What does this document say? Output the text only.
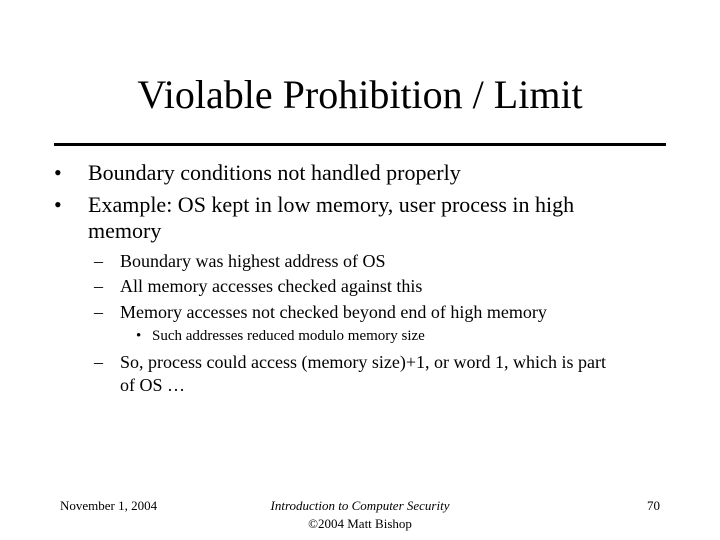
Violable Prohibition / Limit
• Boundary conditions not handled properly
• Example: OS kept in low memory, user process in high
memory
– Boundary was highest address of OS
– All memory accesses checked against this
– Memory accesses not checked beyond end of high memory
• Such addresses reduced modulo memory size
– So, process could access (memory size)+1, or word 1, which is part
of OS …
November 1, 2004	Introduction to Computer Security
©2004 Matt Bishop
70
